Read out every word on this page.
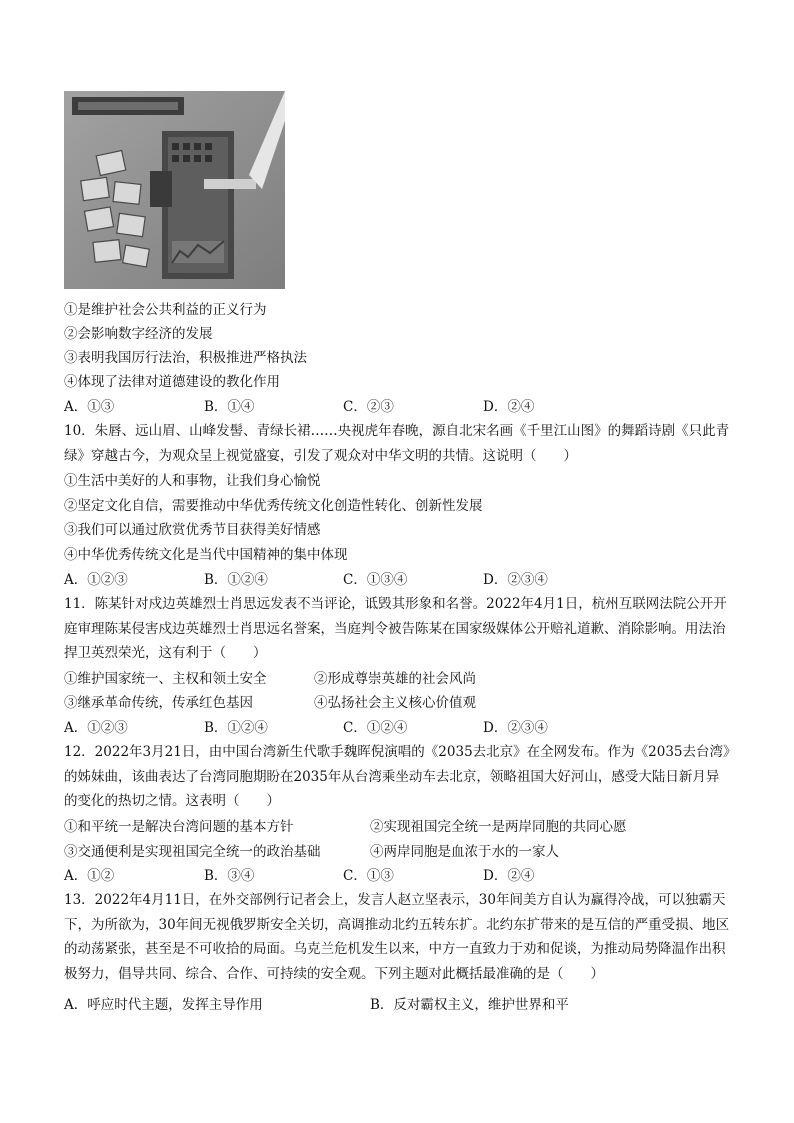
①是维护社会公共利益的正义行为
②会影响数字经济的发展
③表明我国厉行法治，积极推进严格执法
④体现了法律对道德建设的教化作用
A．①③	B．①④	C．②③	D．②④
10．朱唇、远山眉、山峰发髻、青绿长裙……央视虎年春晚，源自北宋名画《千里江山图》的舞蹈诗剧《只此青绿》穿越古今，为观众呈上视觉盛宴，引发了观众对中华文明的共情。这说明（　　）
①生活中美好的人和事物，让我们身心愉悦
②坚定文化自信，需要推动中华优秀传统文化创造性转化、创新性发展
③我们可以通过欣赏优秀节目获得美好情感
④中华优秀传统文化是当代中国精神的集中体现
A．①②③	B．①②④	C．①③④	D．②③④
11．陈某针对戍边英雄烈士肖思远发表不当评论，诋毁其形象和名誉。2022年4月1日，杭州互联网法院公开开庭审理陈某侵害戍边英雄烈士肖思远名誉案，当庭判令被告陈某在国家级媒体公开赔礼道歉、消除影响。用法治捍卫英烈荣光，这有利于（　　）
①维护国家统一、主权和领土安全	②形成尊崇英雄的社会风尚
③继承革命传统，传承红色基因	④弘扬社会主义核心价值观
A．①②③	B．①②④	C．①②④	D．②③④
12．2022年3月21日，由中国台湾新生代歌手魏晖倪演唱的《2035去北京》在全网发布。作为《2035去台湾》的姊妹曲，该曲表达了台湾同胞期盼在2035年从台湾乘坐动车去北京，领略祖国大好河山，感受大陆日新月异的变化的热切之情。这表明（　　）
①和平统一是解决台湾问题的基本方针	②实现祖国完全统一是两岸同胞的共同心愿
③交通便利是实现祖国完全统一的政治基础	④两岸同胞是血浓于水的一家人
A．①②	B．③④	C．①③	D．②④
13．2022年4月11日，在外交部例行记者会上，发言人赵立坚表示，30年间美方自认为赢得冷战，可以独霸天下，为所欲为，30年间无视俄罗斯安全关切，高调推动北约五转东扩。北约东扩带来的是互信的严重受损、地区的动荡紧张，甚至是不可收拾的局面。乌克兰危机发生以来，中方一直致力于劝和促谈，为推动局势降温作出积极努力，倡导共同、综合、合作、可持续的安全观。下列主题对此概括最准确的是（　　）
A．呼应时代主题，发挥主导作用	B．反对霸权主义，维护世界和平
